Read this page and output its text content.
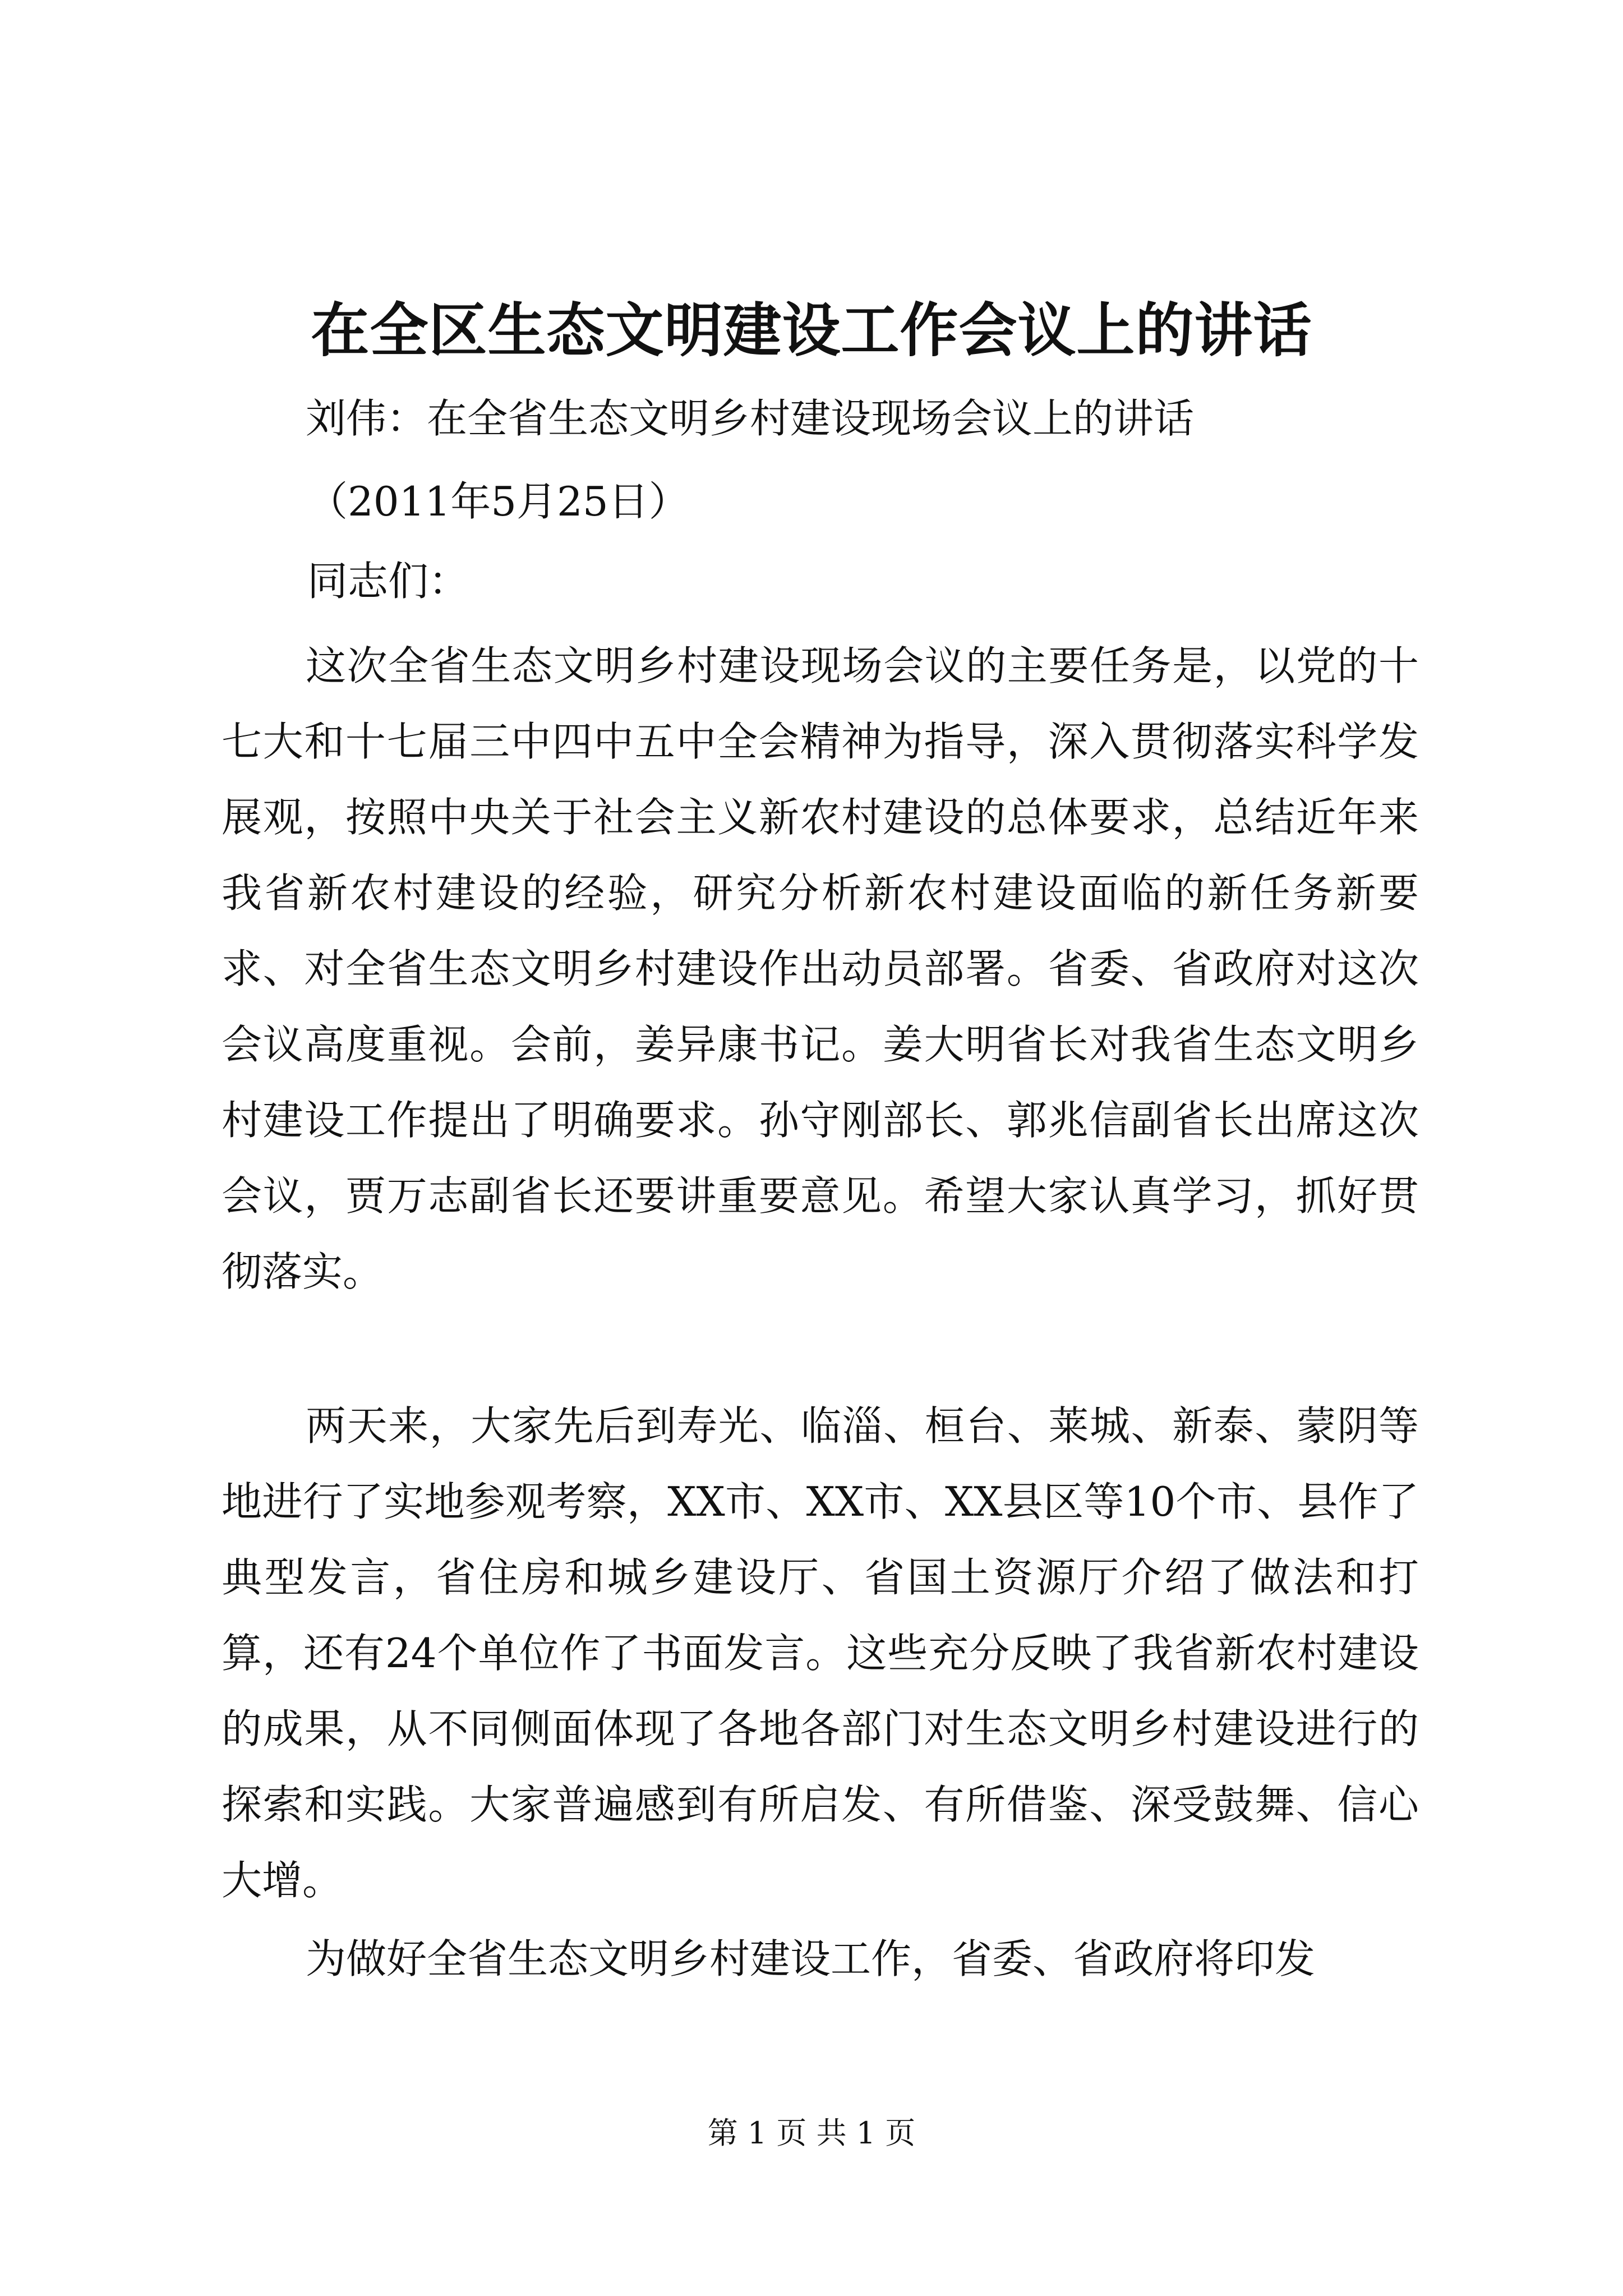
在全区生态文明建设工作会议上的讲话

刘伟：在全省生态文明乡村建设现场会议上的讲话

（2011年5月25日）

同志们：

这次全省生态文明乡村建设现场会议的主要任务是，以党的十七大和十七届三中四中五中全会精神为指导，深入贯彻落实科学发展观，按照中央关于社会主义新农村建设的总体要求，总结近年来我省新农村建设的经验，研究分析新农村建设面临的新任务新要求、对全省生态文明乡村建设作出动员部署。省委、省政府对这次会议高度重视。会前，姜异康书记。姜大明省长对我省生态文明乡村建设工作提出了明确要求。孙守刚部长、郭兆信副省长出席这次会议，贾万志副省长还要讲重要意见。希望大家认真学习，抓好贯彻落实。

两天来，大家先后到寿光、临淄、桓台、莱城、新泰、蒙阴等地进行了实地参观考察，XX市、XX市、XX县区等10个市、县作了典型发言，省住房和城乡建设厅、省国土资源厅介绍了做法和打算，还有24个单位作了书面发言。这些充分反映了我省新农村建设的成果，从不同侧面体现了各地各部门对生态文明乡村建设进行的探索和实践。大家普遍感到有所启发、有所借鉴、深受鼓舞、信心大增。

为做好全省生态文明乡村建设工作，省委、省政府将印发

第 1 页 共 1 页
